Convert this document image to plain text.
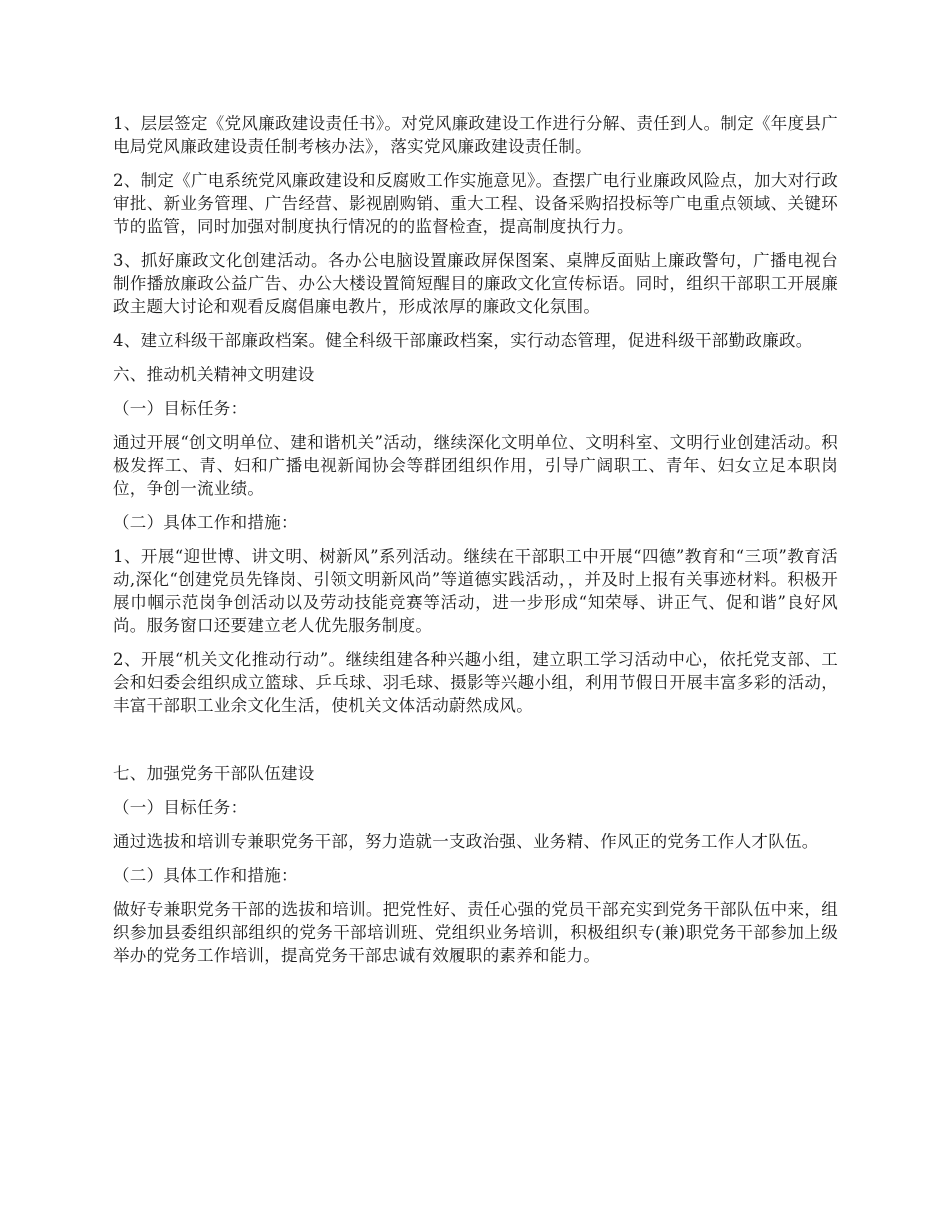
1、层层签定《党风廉政建设责任书》。对党风廉政建设工作进行分解、责任到人。制定《年度县广电局党风廉政建设责任制考核办法》，落实党风廉政建设责任制。

2、制定《广电系统党风廉政建设和反腐败工作实施意见》。查摆广电行业廉政风险点，加大对行政审批、新业务管理、广告经营、影视剧购销、重大工程、设备采购招投标等广电重点领域、关键环节的监管，同时加强对制度执行情况的的监督检查，提高制度执行力。

3、抓好廉政文化创建活动。各办公电脑设置廉政屏保图案、桌牌反面贴上廉政警句，广播电视台制作播放廉政公益广告、办公大楼设置简短醒目的廉政文化宣传标语。同时，组织干部职工开展廉政主题大讨论和观看反腐倡廉电教片，形成浓厚的廉政文化氛围。

4、建立科级干部廉政档案。健全科级干部廉政档案，实行动态管理，促进科级干部勤政廉政。

六、推动机关精神文明建设

（一）目标任务：

通过开展“创文明单位、建和谐机关”活动，继续深化文明单位、文明科室、文明行业创建活动。积极发挥工、青、妇和广播电视新闻协会等群团组织作用，引导广阔职工、青年、妇女立足本职岗位，争创一流业绩。

（二）具体工作和措施：

1、开展“迎世博、讲文明、树新风”系列活动。继续在干部职工中开展“四德”教育和“三项”教育活动,深化“创建党员先锋岗、引领文明新风尚”等道德实践活动，，并及时上报有关事迹材料。积极开展巾帼示范岗争创活动以及劳动技能竞赛等活动，进一步形成“知荣辱、讲正气、促和谐”良好风尚。服务窗口还要建立老人优先服务制度。

2、开展“机关文化推动行动”。继续组建各种兴趣小组，建立职工学习活动中心，依托党支部、工会和妇委会组织成立篮球、乒乓球、羽毛球、摄影等兴趣小组，利用节假日开展丰富多彩的活动，丰富干部职工业余文化生活，使机关文体活动蔚然成风。

七、加强党务干部队伍建设

（一）目标任务：

通过选拔和培训专兼职党务干部，努力造就一支政治强、业务精、作风正的党务工作人才队伍。

（二）具体工作和措施：

做好专兼职党务干部的选拔和培训。把党性好、责任心强的党员干部充实到党务干部队伍中来，组织参加县委组织部组织的党务干部培训班、党组织业务培训，积极组织专(兼)职党务干部参加上级举办的党务工作培训，提高党务干部忠诚有效履职的素养和能力。
